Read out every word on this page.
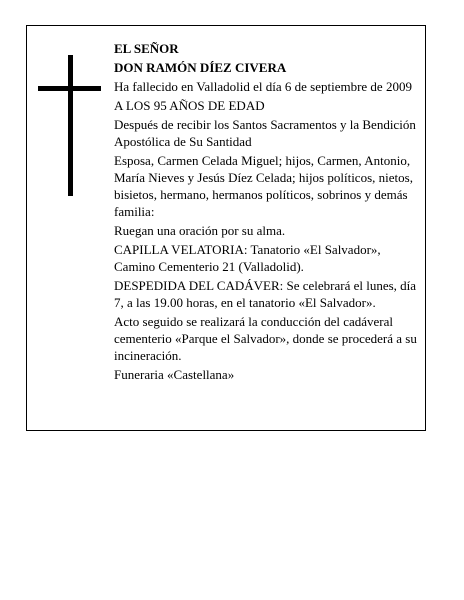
EL SEÑOR

DON RAMÓN DÍEZ CIVERA

Ha fallecido en Valladolid el día 6 de septiembre de 2009

A LOS 95 AÑOS DE EDAD

Después de recibir los Santos Sacramentos y la Bendición Apostólica de Su Santidad

Esposa, Carmen Celada Miguel; hijos, Carmen, Antonio, María Nieves y Jesús Díez Celada; hijos políticos, nietos, bisietos, hermano, hermanos políticos, sobrinos y demás familia:

Ruegan una oración por su alma.

CAPILLA VELATORIA: Tanatorio «El Salvador», Camino Cementerio 21 (Valladolid).

DESPEDIDA DEL CADÁVER: Se celebrará el lunes, día 7, a las 19.00 horas, en el tanatorio «El Salvador».

Acto seguido se realizará la conducción del cadáveral cementerio «Parque el Salvador», donde se procederá a su incineración.

Funeraria «Castellana»
